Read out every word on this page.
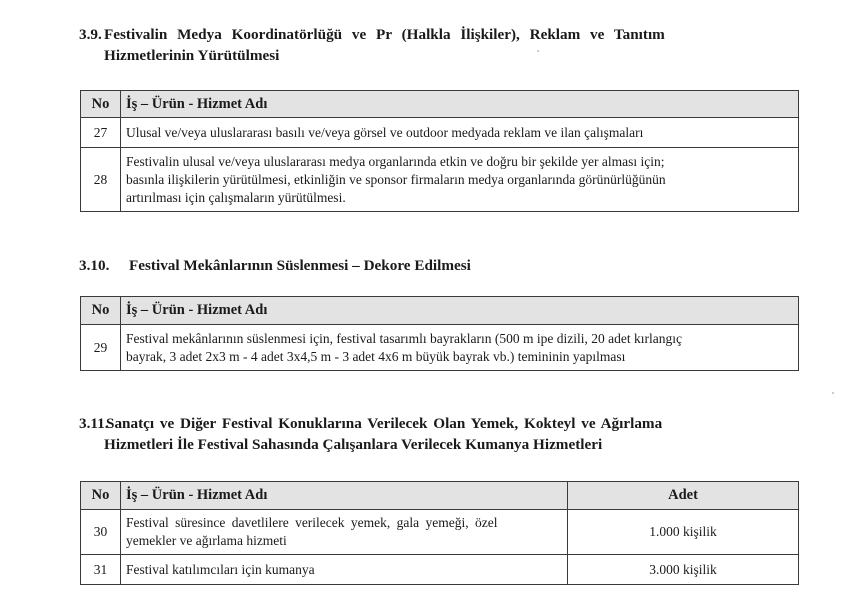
3.9. Festivalin Medya Koordinatörlüğü ve Pr (Halkla İlişkiler), Reklam ve Tanıtım
Hizmetlerinin Yürütülmesi
No	İş – Ürün - Hizmet Adı
27	Ulusal ve/veya uluslararası basılı ve/veya görsel ve outdoor medyada reklam ve ilan çalışmaları
28	Festivalin ulusal ve/veya uluslararası medya organlarında etkin ve doğru bir şekilde yer alması için;
basınla ilişkilerin yürütülmesi, etkinliğin ve sponsor firmaların medya organlarında görünürlüğünün
artırılması için çalışmaların yürütülmesi.
3.10. Festival Mekânlarının Süslenmesi – Dekore Edilmesi
No	İş – Ürün - Hizmet Adı
29	Festival mekânlarının süslenmesi için, festival tasarımlı bayrakların (500 m ipe dizili, 20 adet kırlangıç
bayrak, 3 adet 2x3 m - 4 adet 3x4,5 m - 3 adet 4x6 m büyük bayrak vb.) temininin yapılması
3.11.
Sanatçı ve Diğer Festival Konuklarına Verilecek Olan Yemek, Kokteyl ve Ağırlama
Hizmetleri İle Festival Sahasında Çalışanlara Verilecek Kumanya Hizmetleri
No	İş – Ürün - Hizmet Adı	Adet
30	Festival süresince davetlilere verilecek yemek, gala yemeği, özel
yemekler ve ağırlama hizmeti	1.000 kişilik
31	Festival katılımcıları için kumanya	3.000 kişilik
